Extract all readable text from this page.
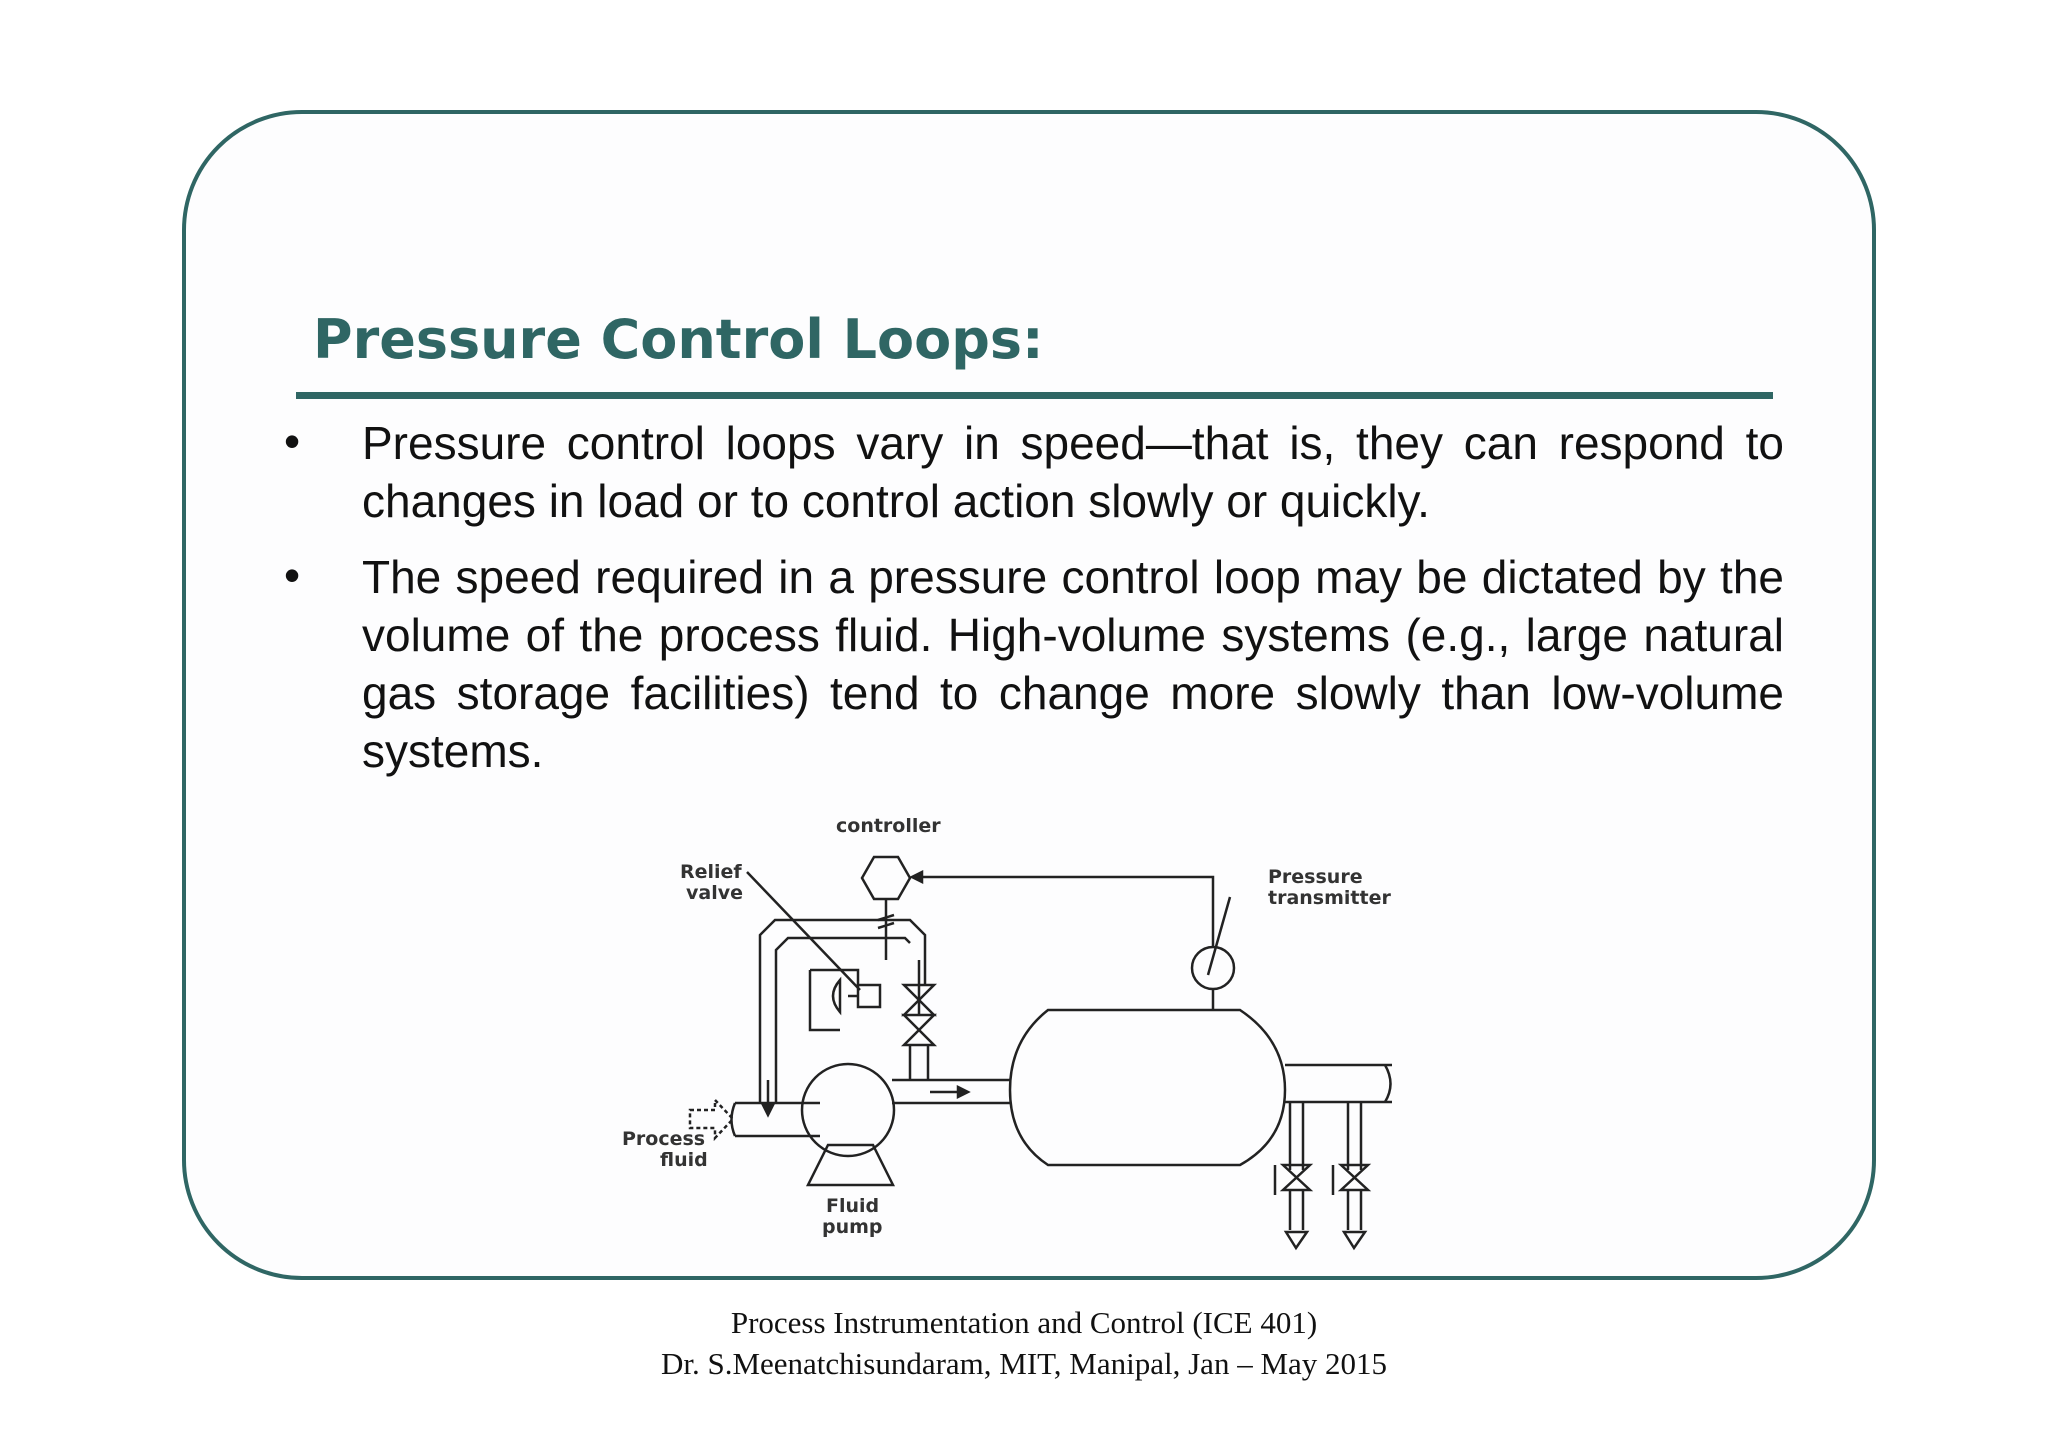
Pressure Control Loops:
• Pressure control loops vary in speed—that is, they can respond to changes in load or to control action slowly or quickly.
• The speed required in a pressure control loop may be dictated by the volume of the process fluid. High-volume systems (e.g., large natural gas storage facilities) tend to change more slowly than low-volume systems.
controller
Relief
valve
Pressure
transmitter
Process
fluid
Fluid
pump
Process Instrumentation and Control (ICE 401)
Dr. S.Meenatchisundaram, MIT, Manipal, Jan – May 2015
